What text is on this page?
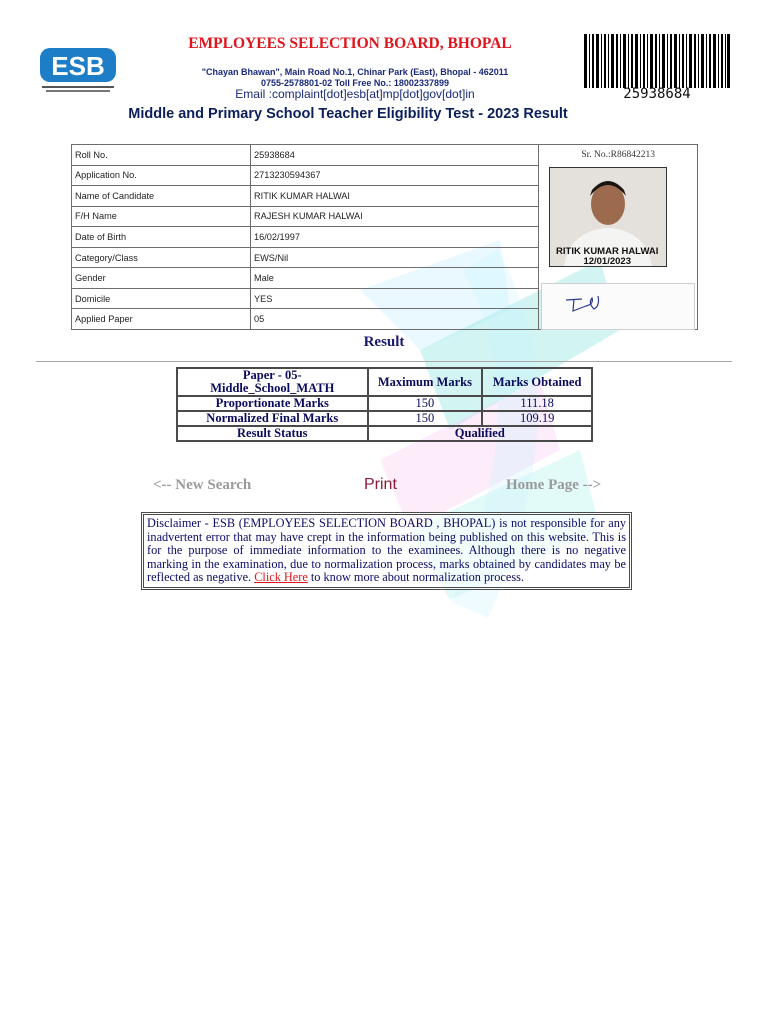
ESB
EMPLOYEES SELECTION BOARD, BHOPAL
"Chayan Bhawan", Main Road No.1, Chinar Park (East), Bhopal - 462011
0755-2578801-02 Toll Free No.: 18002337899
Email :complaint[dot]esb[at]mp[dot]gov[dot]in	25938684
Middle and Primary School Teacher Eligibility Test - 2023 Result
Roll No.	25938684	Sr. No.:R86842213
RITIK KUMAR HALWAI
12/01/2023

Application No.	2713230594367	
Name of Candidate	RITIK KUMAR HALWAI	
F/H Name	RAJESH KUMAR HALWAI	
Date of Birth	16/02/1997	
Category/Class	EWS/Nil	
Gender	Male	
Domicile	YES	
Applied Paper	05	
Result
Paper - 05- Middle_School_MATH	Maximum Marks	Marks Obtained
Proportionate Marks	150	111.18
Normalized Final Marks	150	109.19
Result Status	Qualified	
<-- New Search	Print	Home Page -->
Disclaimer - ESB (EMPLOYEES SELECTION BOARD , BHOPAL) is not responsible for any inadvertent error that may have crept in the information being published on this website. This is for the purpose of immediate information to the examinees. Although there is no negative marking in the examination, due to normalization process, marks obtained by candidates may be reflected as negative. Click Here to know more about normalization process.
